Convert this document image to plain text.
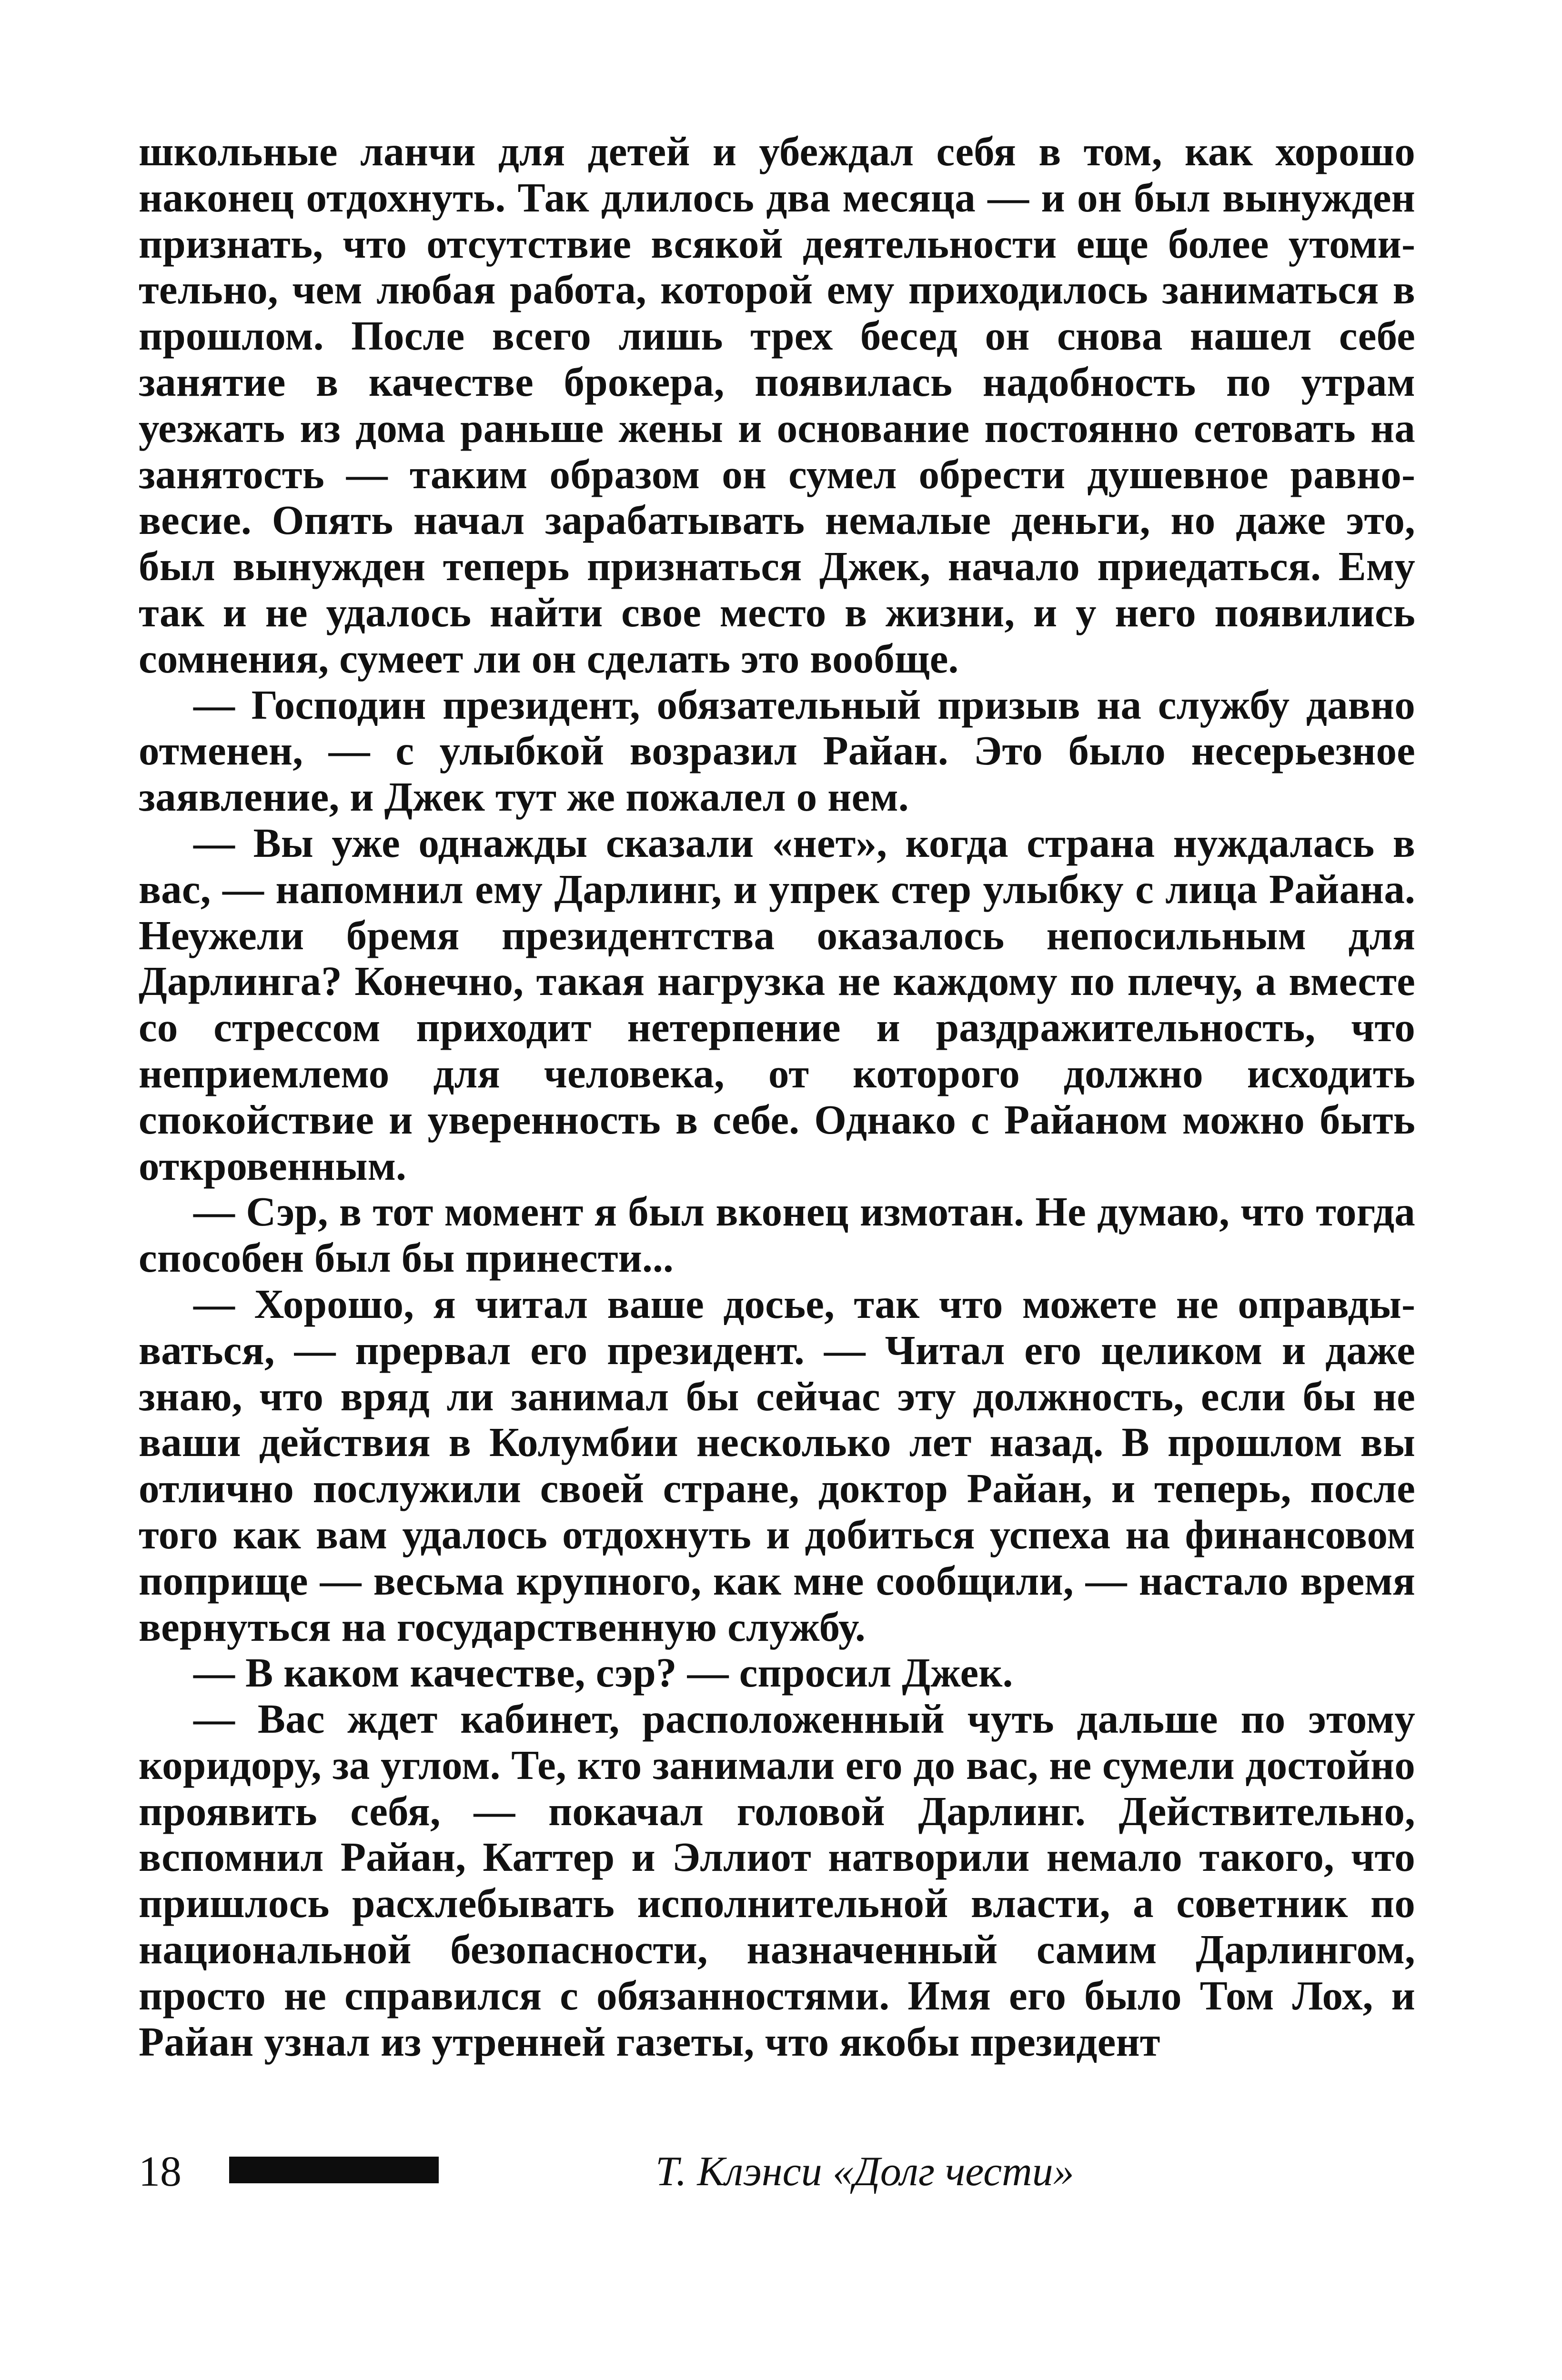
школьные ланчи для детей и убеждал себя в том, как хорошо наконец отдохнуть. Так длилось два месяца — и он был вынужден признать, что отсутствие всякой деятельности еще более утомительно, чем любая работа, которой ему приходилось заниматься в прошлом. После всего лишь трех бесед он снова нашел себе занятие в качестве брокера, появилась надобность по утрам уезжать из дома раньше жены и основание постоянно сетовать на занятость — таким образом он сумел обрести душевное равновесие. Опять начал зарабатывать немалые деньги, но даже это, был вынужден теперь признаться Джек, начало приедаться. Ему так и не удалось найти свое место в жизни, и у него появились сомнения, сумеет ли он сделать это вообще.

— Господин президент, обязательный призыв на службу давно отменен, — с улыбкой возразил Райан. Это было несерьезное заявление, и Джек тут же пожалел о нем.

— Вы уже однажды сказали «нет», когда страна нуждалась в вас, — напомнил ему Дарлинг, и упрек стер улыбку с лица Райана. Неужели бремя президентства оказалось непосильным для Дарлинга? Конечно, такая нагрузка не каждому по плечу, а вместе со стрессом приходит нетерпение и раздражительность, что неприемлемо для человека, от которого должно исходить спокойствие и уверенность в себе. Однако с Райаном можно быть откровенным.

— Сэр, в тот момент я был вконец измотан. Не думаю, что тогда способен был бы принести...

— Хорошо, я читал ваше досье, так что можете не оправдываться, — прервал его президент. — Читал его целиком и даже знаю, что вряд ли занимал бы сейчас эту должность, если бы не ваши действия в Колумбии несколько лет назад. В прошлом вы отлично послужили своей стране, доктор Райан, и теперь, после того как вам удалось отдохнуть и добиться успеха на финансовом поприще — весьма крупного, как мне сообщили, — настало время вернуться на государственную службу.

— В каком качестве, сэр? — спросил Джек.

— Вас ждет кабинет, расположенный чуть дальше по этому коридору, за углом. Те, кто занимали его до вас, не сумели достойно проявить себя, — покачал головой Дарлинг. Действительно, вспомнил Райан, Каттер и Эллиот натворили немало такого, что пришлось расхлебывать исполнительной власти, а советник по национальной безопасности, назначенный самим Дарлингом, просто не справился с обязанностями. Имя его было Том Лох, и Райан узнал из утренней газеты, что якобы президент

18	Т. Клэнси «Долг чести»
